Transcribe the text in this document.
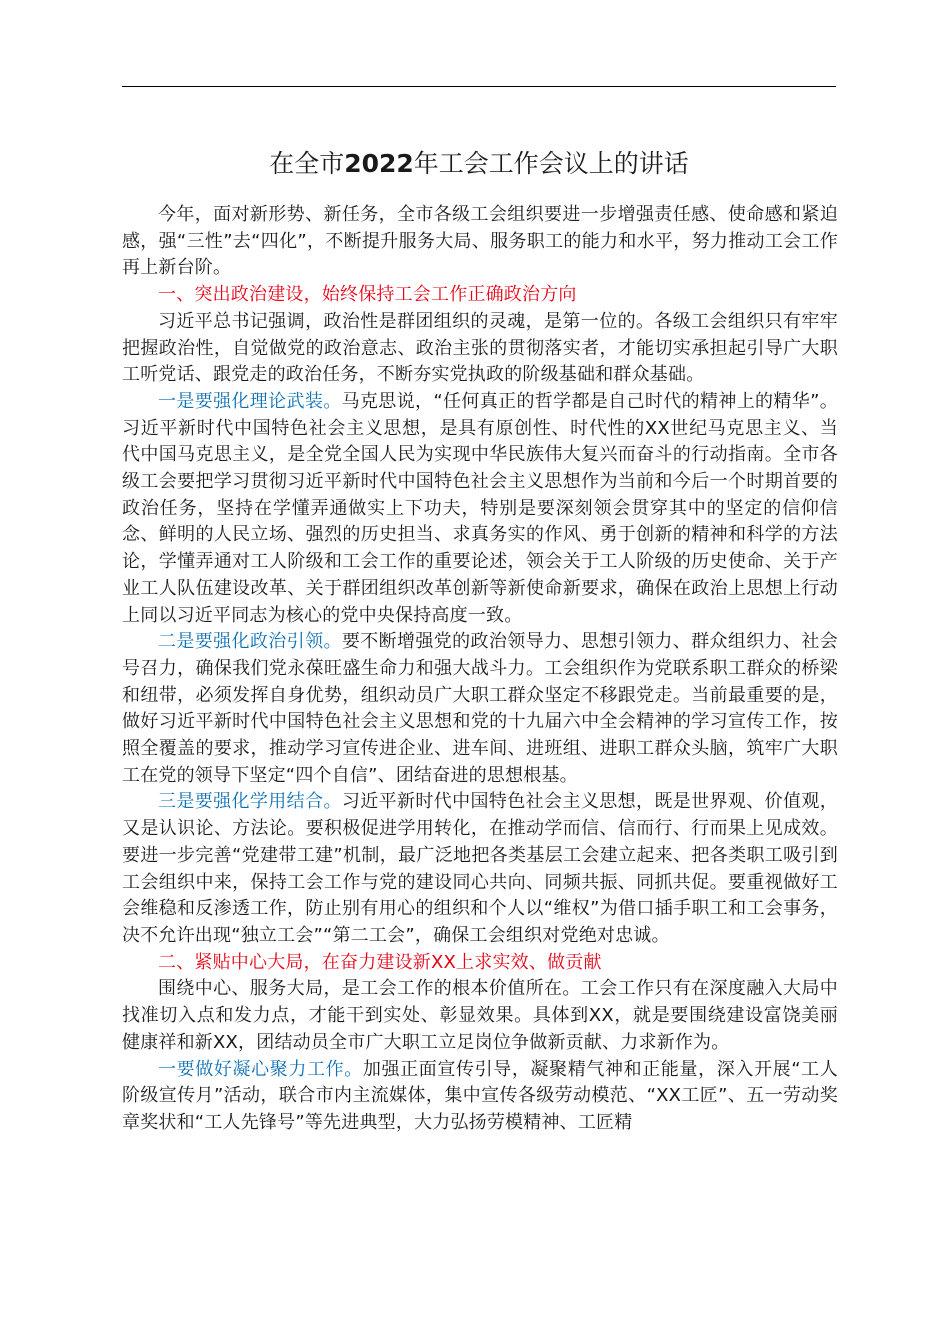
在全市2022年工会工作会议上的讲话

今年，面对新形势、新任务，全市各级工会组织要进一步增强责任感、使命感和紧迫感，强“三性”去“四化”，不断提升服务大局、服务职工的能力和水平，努力推动工会工作再上新台阶。

一、突出政治建设，始终保持工会工作正确政治方向

习近平总书记强调，政治性是群团组织的灵魂，是第一位的。各级工会组织只有牢牢把握政治性，自觉做党的政治意志、政治主张的贯彻落实者，才能切实承担起引导广大职工听党话、跟党走的政治任务，不断夯实党执政的阶级基础和群众基础。

一是要强化理论武装。马克思说，“任何真正的哲学都是自己时代的精神上的精华”。习近平新时代中国特色社会主义思想，是具有原创性、时代性的XX世纪马克思主义、当代中国马克思主义，是全党全国人民为实现中华民族伟大复兴而奋斗的行动指南。全市各级工会要把学习贯彻习近平新时代中国特色社会主义思想作为当前和今后一个时期首要的政治任务，坚持在学懂弄通做实上下功夫，特别是要深刻领会贯穿其中的坚定的信仰信念、鲜明的人民立场、强烈的历史担当、求真务实的作风、勇于创新的精神和科学的方法论，学懂弄通对工人阶级和工会工作的重要论述，领会关于工人阶级的历史使命、关于产业工人队伍建设改革、关于群团组织改革创新等新使命新要求，确保在政治上思想上行动上同以习近平同志为核心的党中央保持高度一致。

二是要强化政治引领。要不断增强党的政治领导力、思想引领力、群众组织力、社会号召力，确保我们党永葆旺盛生命力和强大战斗力。工会组织作为党联系职工群众的桥梁和纽带，必须发挥自身优势，组织动员广大职工群众坚定不移跟党走。当前最重要的是，做好习近平新时代中国特色社会主义思想和党的十九届六中全会精神的学习宣传工作，按照全覆盖的要求，推动学习宣传进企业、进车间、进班组、进职工群众头脑，筑牢广大职工在党的领导下坚定“四个自信”、团结奋进的思想根基。

三是要强化学用结合。习近平新时代中国特色社会主义思想，既是世界观、价值观，又是认识论、方法论。要积极促进学用转化，在推动学而信、信而行、行而果上见成效。要进一步完善“党建带工建”机制，最广泛地把各类基层工会建立起来、把各类职工吸引到工会组织中来，保持工会工作与党的建设同心共向、同频共振、同抓共促。要重视做好工会维稳和反渗透工作，防止别有用心的组织和个人以“维权”为借口插手职工和工会事务，决不允许出现“独立工会”“第二工会”，确保工会组织对党绝对忠诚。

二、紧贴中心大局，在奋力建设新XX上求实效、做贡献

围绕中心、服务大局，是工会工作的根本价值所在。工会工作只有在深度融入大局中找准切入点和发力点，才能干到实处、彰显效果。具体到XX，就是要围绕建设富饶美丽健康祥和新XX，团结动员全市广大职工立足岗位争做新贡献、力求新作为。

一要做好凝心聚力工作。加强正面宣传引导，凝聚精气神和正能量，深入开展“工人阶级宣传月”活动，联合市内主流媒体，集中宣传各级劳动模范、“XX工匠”、五一劳动奖章奖状和“工人先锋号”等先进典型，大力弘扬劳模精神、工匠精
